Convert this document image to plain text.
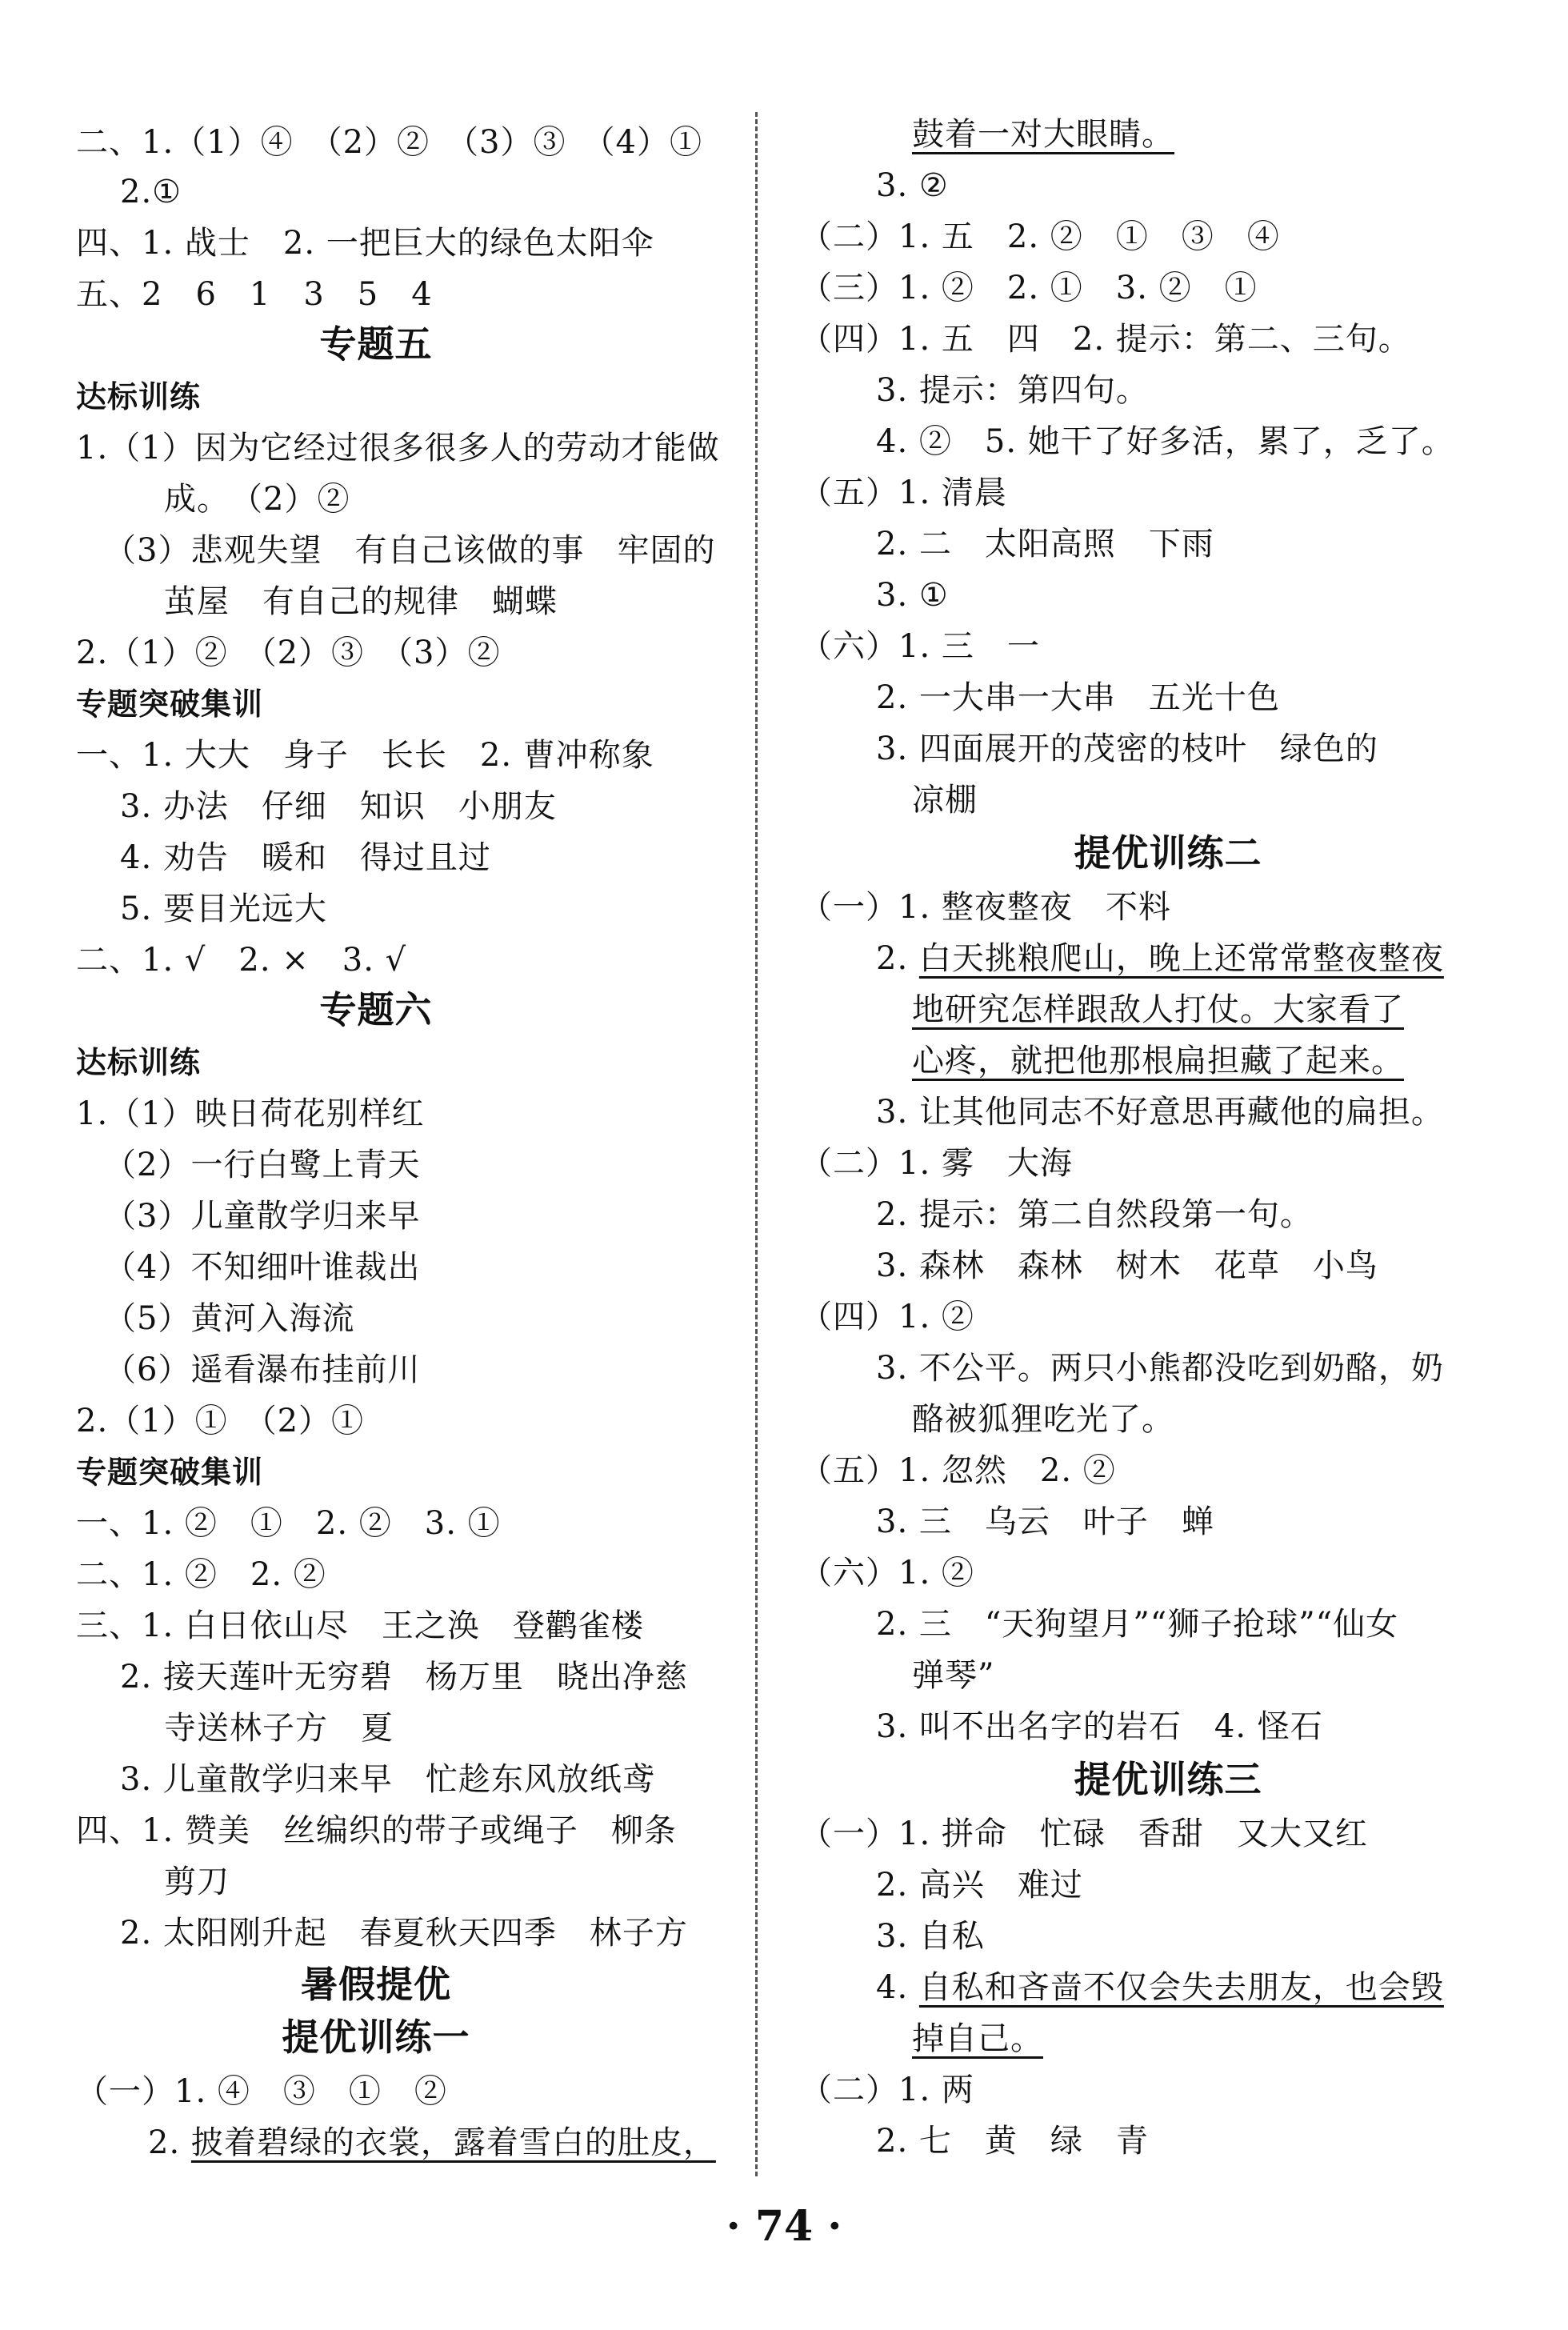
二、1.（1）④　（2）②　（3）③　（4）①
2.①
四、1. 战士　2. 一把巨大的绿色太阳伞
五、2　6　1　3　5　4
专题五
达标训练
1.（1）因为它经过很多很多人的劳动才能做
成。　（2）②
（3）悲观失望　有自己该做的事　牢固的
茧屋　有自己的规律　蝴蝶
2.（1）②　（2）③　（3）②
专题突破集训
一、1. 大大　身子　长长　2. 曹冲称象
3. 办法　仔细　知识　小朋友
4. 劝告　暖和　得过且过
5. 要目光远大
二、1. √　2. ×　3. √
专题六
达标训练
1.（1）映日荷花别样红
（2）一行白鹭上青天
（3）儿童散学归来早
（4）不知细叶谁裁出
（5）黄河入海流
（6）遥看瀑布挂前川
2.（1）①　（2）①
专题突破集训
一、1. ②　①　2. ②　3. ①
二、1. ②　2. ②
三、1. 白日依山尽　王之涣　登鹳雀楼
2. 接天莲叶无穷碧　杨万里　晓出净慈
寺送林子方　夏
3. 儿童散学归来早　忙趁东风放纸鸢
四、1. 赞美　丝编织的带子或绳子　柳条
剪刀
2. 太阳刚升起　春夏秋天四季　林子方
暑假提优
提优训练一
（一）1. ④　③　①　②
2. 披着碧绿的衣裳，露着雪白的肚皮，
鼓着一对大眼睛。
3. ②
（二）1. 五　2. ②　①　③　④
（三）1. ②　2. ①　3. ②　①
（四）1. 五　四　2. 提示：第二、三句。
3. 提示：第四句。
4. ②　5. 她干了好多活，累了，乏了。
（五）1. 清晨
2. 二　太阳高照　下雨
3. ①
（六）1. 三　一
2. 一大串一大串　五光十色
3. 四面展开的茂密的枝叶　绿色的
凉棚
提优训练二
（一）1. 整夜整夜　不料
2. 白天挑粮爬山，晚上还常常整夜整夜
地研究怎样跟敌人打仗。大家看了
心疼，就把他那根扁担藏了起来。
3. 让其他同志不好意思再藏他的扁担。
（二）1. 雾　大海
2. 提示：第二自然段第一句。
3. 森林　森林　树木　花草　小鸟
（四）1. ②
3. 不公平。两只小熊都没吃到奶酪，奶
酪被狐狸吃光了。
（五）1. 忽然　2. ②
3. 三　乌云　叶子　蝉
（六）1. ②
2. 三　“天狗望月”“狮子抢球”“仙女
弹琴”
3. 叫不出名字的岩石　4. 怪石
提优训练三
（一）1. 拼命　忙碌　香甜　又大又红
2. 高兴　难过
3. 自私
4. 自私和吝啬不仅会失去朋友，也会毁
掉自己。
（二）1. 两
2. 七　黄　绿　青
· 74 ·
